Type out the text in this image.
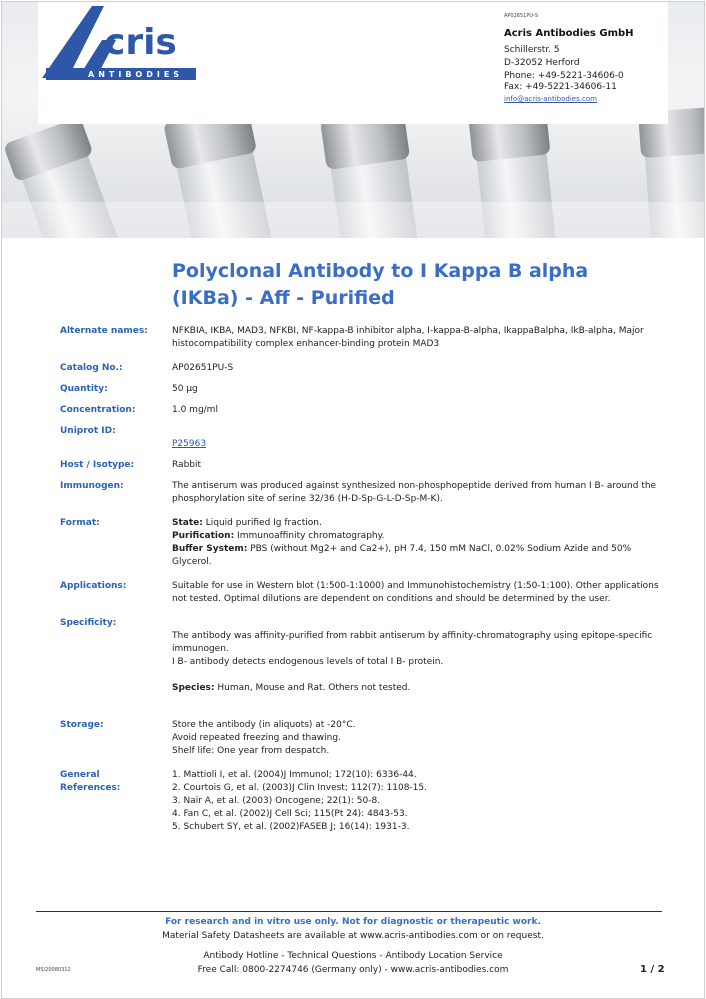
cris
ANTIBODIES
AP02651PU-S
Acris Antibodies GmbH
Schillerstr. 5
D-32052 Herford
Phone: +49-5221-34606-0
Fax: +49-5221-34606-11
info@acris-antibodies.com
Polyclonal Antibody to I Kappa B alpha (IKBa) - Aff - Purified
Alternate names:	NFKBIA, IKBA, MAD3, NFKBI, NF-kappa-B inhibitor alpha, I-kappa-B-alpha, IkappaBalpha, IkB-alpha, Major histocompatibility complex enhancer-binding protein MAD3
Catalog No.:	AP02651PU-S
Quantity:	50 µg
Concentration:	1.0 mg/ml
Uniprot ID:

P25963

Host / Isotype:	Rabbit
Immunogen:	The antiserum was produced against synthesized non-phosphopeptide derived from human I B- around the phosphorylation site of serine 32/36 (H-D-Sp-G-L-D-Sp-M-K).
Format:	State: Liquid purified Ig fraction.
Purification: Immunoaffinity chromatography.
Buffer System: PBS (without Mg2+ and Ca2+), pH 7.4, 150 mM NaCl, 0.02% Sodium Azide and 50% Glycerol.
Applications:	Suitable for use in Western blot (1:500-1:1000) and Immunohistochemistry (1:50-1:100). Other applications not tested. Optimal dilutions are dependent on conditions and should be determined by the user.
Specificity:

The antibody was affinity-purified from rabbit antiserum by affinity-chromatography using epitope-specific immunogen.
I B- antibody detects endogenous levels of total I B- protein.

Species: Human, Mouse and Rat. Others not tested.

Storage:	Store the antibody (in aliquots) at -20°C.
Avoid repeated freezing and thawing.
Shelf life: One year from despatch.
General
References:
1. Mattioli I, et al. (2004)J Immunol; 172(10): 6336-44.
2. Courtois G, et al. (2003)J Clin Invest; 112(7): 1108-15.
3. Nair A, et al. (2003) Oncogene; 22(1): 50-8.
4. Fan C, et al. (2002)J Cell Sci; 115(Pt 24): 4843-53.
5. Schubert SY, et al. (2002)FASEB J; 16(14): 1931-3.
For research and in vitro use only. Not for diagnostic or therapeutic work.
Material Safety Datasheets are available at www.acris-antibodies.com or on request.
Antibody Hotline - Technical Questions - Antibody Location Service
Free Call: 0800-2274746 (Germany only) - www.acris-antibodies.com
MS/20080312	1 / 2
